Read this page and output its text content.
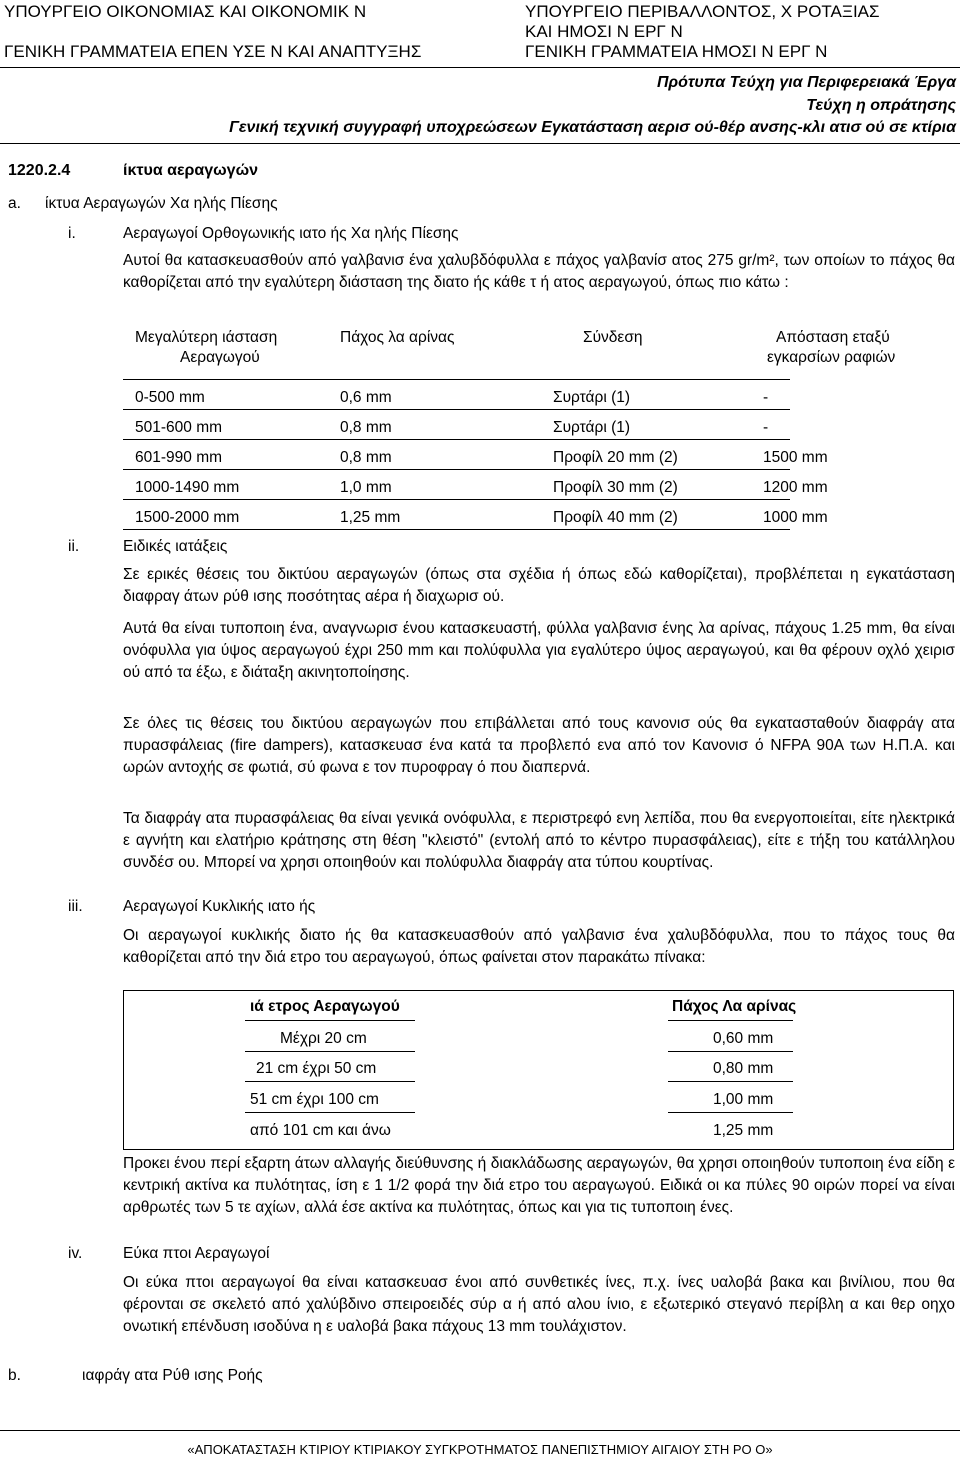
ΥΠΟΥΡΓΕΙΟ ΟΙΚΟΝΟΜΙΑΣ ΚΑΙ ΟΙΚΟΝΟΜΙΚ Ν
ΓΕΝΙΚΗ ΓΡΑΜΜΑΤΕΙΑ ΕΠΕΝ ΥΣΕ Ν ΚΑΙ ΑΝΑΠΤΥΞΗΣ
ΥΠΟΥΡΓΕΙΟ ΠΕΡΙΒΑΛΛΟΝΤΟΣ, Χ ΡΟΤΑΞΙΑΣ
ΚΑΙ ΗΜΟΣΙ Ν ΕΡΓ Ν
ΓΕΝΙΚΗ ΓΡΑΜΜΑΤΕΙΑ ΗΜΟΣΙ Ν ΕΡΓ Ν
Πρότυπα Τεύχη για Περιφερειακά Έργα
Τεύχη η οπράτησης
Γενική τεχνική συγγραφή υποχρεώσεων Εγκατάσταση αερισ ού-θέρ ανσης-κλι ατισ ού σε κτίρια
1220.2.4	ίκτυα αεραγωγών
a. ίκτυα Αεραγωγών Χα ηλής Πίεσης
i.	Αεραγωγοί Ορθογωνικής ιατο ής Χα ηλής Πίεσης
Αυτοί θα κατασκευασθούν από γαλβανισ ένα χαλυβδόφυλλα ε πάχος γαλβανίσ ατος 275 gr/m², των οποίων το πάχος θα καθορίζεται από την εγαλύτερη διάσταση της διατο ής κάθε τ ή ατος αεραγωγού, όπως πιο κάτω :
Μεγαλύτερη ιάσταση
Αεραγωγού
Πάχος λα αρίνας	Σύνδεση	Απόσταση εταξύ
εγκαρσίων ραφιών
0-500 mm	0,6 mm	Συρτάρι (1)	-
501-600 mm	0,8 mm	Συρτάρι (1)	-
601-990 mm	0,8 mm	Προφίλ 20 mm (2)	1500 mm
1000-1490 mm	1,0 mm	Προφίλ 30 mm (2)	1200 mm
1500-2000 mm	1,25 mm	Προφίλ 40 mm (2)	1000 mm
ii.	Ειδικές ιατάξεις
Σε ερικές θέσεις του δικτύου αεραγωγών (όπως στα σχέδια ή όπως εδώ καθορίζεται), προβλέπεται η εγκατάσταση διαφραγ άτων ρύθ ισης ποσότητας αέρα ή διαχωρισ ού.
Αυτά θα είναι τυποποιη ένα, αναγνωρισ ένου κατασκευαστή, φύλλα γαλβανισ ένης λα αρίνας, πάχους 1.25 mm, θα είναι ονόφυλλα για ύψος αεραγωγού έχρι 250 mm και πολύφυλλα για εγαλύτερο ύψος αεραγωγού, και θα φέρουν οχλό χειρισ ού από τα έξω, ε διάταξη ακινητοποίησης.
Σε όλες τις θέσεις του δικτύου αεραγωγών που επιβάλλεται από τους κανονισ ούς θα εγκατασταθούν διαφράγ ατα πυρασφάλειας (fire dampers), κατασκευασ ένα κατά τα προβλεπό ενα από τον Κανονισ ό NFPA 90A των Η.Π.Α. και ωρών αντοχής σε φωτιά, σύ φωνα ε τον πυροφραγ ό που διαπερνά.
Τα διαφράγ ατα πυρασφάλειας θα είναι γενικά ονόφυλλα, ε περιστρεφό ενη λεπίδα, που θα ενεργοποιείται, είτε ηλεκτρικά ε αγνήτη και ελατήριο κράτησης στη θέση "κλειστό" (εντολή από το κέντρο πυρασφάλειας), είτε ε τήξη του κατάλληλου συνδέσ ου. Μπορεί να χρησι οποιηθούν και πολύφυλλα διαφράγ ατα τύπου κουρτίνας.
iii.	Αεραγωγοί Κυκλικής ιατο ής
Οι αεραγωγοί κυκλικής διατο ής θα κατασκευασθούν από γαλβανισ ένα χαλυβδόφυλλα, που το πάχος τους θα καθορίζεται από την διά ετρο του αεραγωγού, όπως φαίνεται στον παρακάτω πίνακα:
ιά ετρος Αεραγωγού	Πάχος Λα αρίνας
Μέχρι 20 cm	0,60 mm
21 cm έχρι 50 cm	0,80 mm
51 cm έχρι 100 cm	1,00 mm
από 101 cm και άνω	1,25 mm
Προκει ένου περί εξαρτη άτων αλλαγής διεύθυνσης ή διακλάδωσης αεραγωγών, θα χρησι οποιηθούν τυποποιη ένα είδη ε κεντρική ακτίνα κα πυλότητας, ίση ε 1 1/2 φορά την διά ετρο του αεραγωγού. Ειδικά οι κα πύλες 90 οιρών πορεί να είναι αρθρωτές των 5 τε αχίων, αλλά έσε ακτίνα κα πυλότητας, όπως και για τις τυποποιη ένες.
iv.	Εύκα πτοι Αεραγωγοί
Οι εύκα πτοι αεραγωγοί θα είναι κατασκευασ ένοι από συνθετικές ίνες, π.χ. ίνες υαλοβά βακα και βινίλιου, που θα φέρονται σε σκελετό από χαλύβδινο σπειροειδές σύρ α ή από αλου ίνιο, ε εξωτερικό στεγανό περίβλη α και θερ οηχο ονωτική επένδυση ισοδύνα η ε υαλοβά βακα πάχους 13 mm τουλάχιστον.
b.	ιαφράγ ατα Ρύθ ισης Ροής
«ΑΠΟΚΑΤΑΣΤΑΣΗ ΚΤΙΡΙΟΥ ΚΤΙΡΙΑΚΟΥ ΣΥΓΚΡΟΤΗΜΑΤΟΣ ΠΑΝΕΠΙΣΤΗΜΙΟΥ ΑΙΓΑΙΟΥ ΣΤΗ ΡΟ Ο»
